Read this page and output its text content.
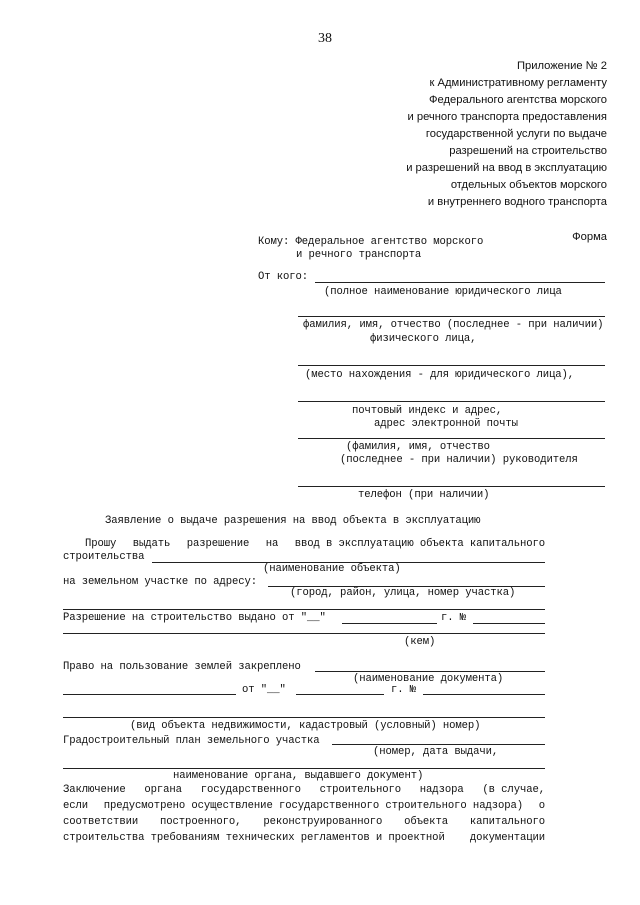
38
Приложение № 2
к Административному регламенту
Федерального агентства морского
и речного транспорта предоставления
государственной услуги по выдаче
разрешений на строительство
и разрешений на ввод в эксплуатацию
отдельных объектов морского
и внутреннего водного транспорта
Форма
Кому: Федеральное агентство морского
и речного транспорта
От кого:
(полное наименование юридического лица
фамилия, имя, отчество (последнее - при наличии)
физического лица,
(место нахождения - для юридического лица),
почтовый индекс и адрес,
адрес электронной почты
(фамилия, имя, отчество
(последнее - при наличии) руководителя
телефон (при наличии)
Заявление о выдаче разрешения на ввод объекта в эксплуатацию
Прошу выдать разрешение на ввод в эксплуатацию объекта капитального
строительства
(наименование объекта)
на земельном участке по адресу:
(город, район, улица, номер участка)
Разрешение на строительство выдано от "__"	г. №
(кем)
Право на пользование землей закреплено
(наименование документа)
от "__"	г. №
(вид объекта недвижимости, кадастровый (условный) номер)
Градостроительный план земельного участка
(номер, дата выдачи,
наименование органа, выдавшего документ)
Заключение органа государственного строительного надзора (в случае,
если предусмотрено осуществление государственного строительного надзора) о
соответствии построенного, реконструированного объекта капитального
строительства требованиям технических регламентов и проектной документации
